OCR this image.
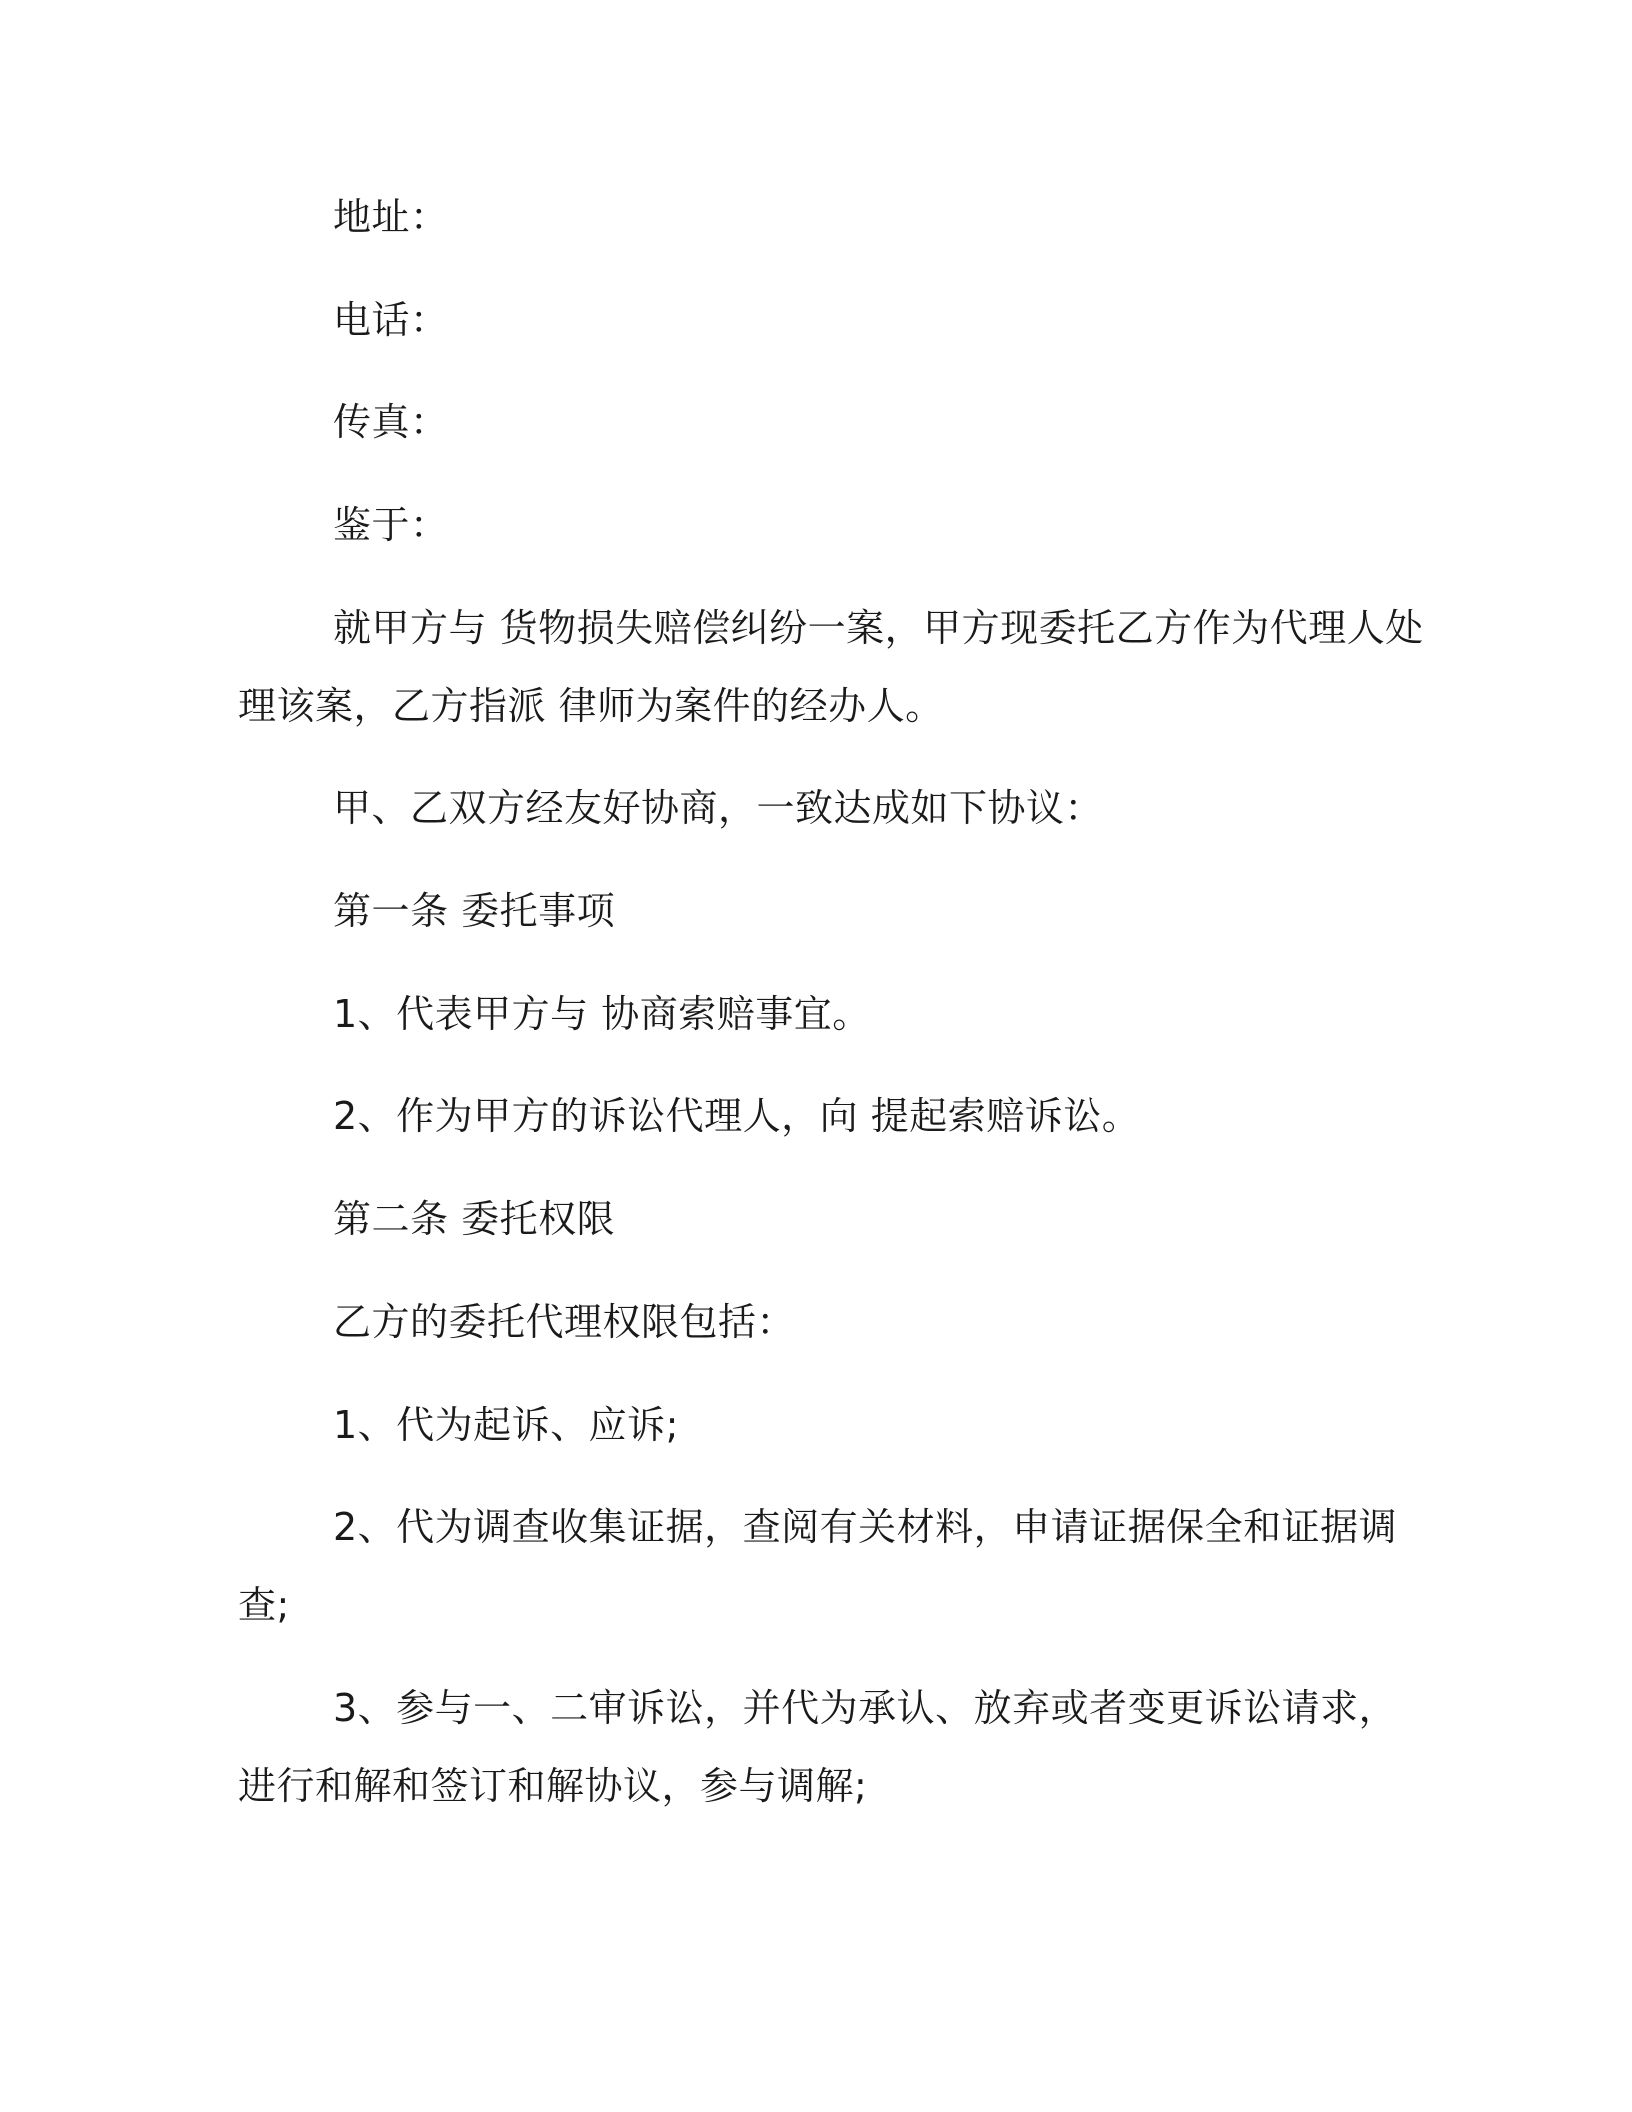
地址：

电话：

传真：

鉴于：

就甲方与 货物损失赔偿纠纷一案，甲方现委托乙方作为代理人处

理该案，乙方指派 律师为案件的经办人。

甲、乙双方经友好协商，一致达成如下协议：

第一条 委托事项

1、代表甲方与 协商索赔事宜。

2、作为甲方的诉讼代理人，向 提起索赔诉讼。

第二条 委托权限

乙方的委托代理权限包括：

1、代为起诉、应诉;

2、代为调查收集证据，查阅有关材料，申请证据保全和证据调

查;

3、参与一、二审诉讼，并代为承认、放弃或者变更诉讼请求，

进行和解和签订和解协议，参与调解;
